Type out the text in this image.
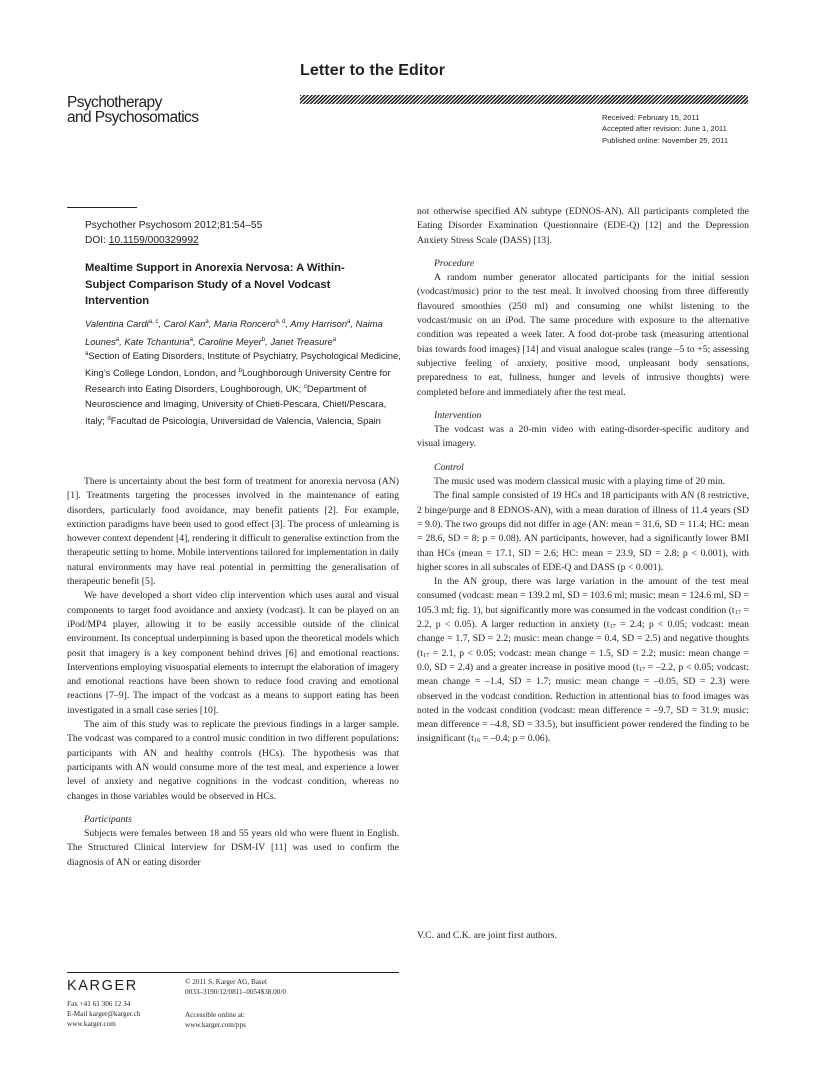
Letter to the Editor
Psychotherapy
and Psychosomatics	Received: February 15, 2011
Accepted after revision: June 1, 2011
Published online: November 25, 2011
Psychother Psychosom 2012;81:54–55
DOI: 10.1159/000329992
Mealtime Support in Anorexia Nervosa: A Within-Subject Comparison Study of a Novel Vodcast Intervention
Valentina Cardi$^{a, c}$, Carol Kan$^a$, Maria Roncero$^{a, d}$, Amy Harrison$^a$, Naima Lounes$^a$, Kate Tchanturia$^a$, Caroline Meyer$^b$, Janet Treasure$^a$
$^a$Section of Eating Disorders, Institute of Psychiatry, Psychological Medicine, King’s College London, London, and $^b$Loughborough University Centre for Research into Eating Disorders, Loughborough, UK; $^c$Department of Neuroscience and Imaging, University of Chieti-Pescara, Chieti/Pescara, Italy; $^d$Facultad de Psicología, Universidad de Valencia, Valencia, Spain

There is uncertainty about the best form of treatment for anorexia nervosa (AN) [1]. Treatments targeting the processes involved in the maintenance of eating disorders, particularly food avoidance, may benefit patients [2]. For example, extinction paradigms have been used to good effect [3]. The process of unlearning is however context dependent [4], rendering it difficult to generalise extinction from the therapeutic setting to home. Mobile interventions tailored for implementation in daily natural environments may have real potential in permitting the generalisation of therapeutic benefit [5].

We have developed a short video clip intervention which uses aural and visual components to target food avoidance and anxiety (vodcast). It can be played on an iPod/MP4 player, allowing it to be easily accessible outside of the clinical environment. Its conceptual underpinning is based upon the theoretical models which posit that imagery is a key component behind drives [6] and emotional reactions. Interventions employing visuospatial elements to interrupt the elaboration of imagery and emotional reactions have been shown to reduce food craving and emotional reactions [7–9]. The impact of the vodcast as a means to support eating has been investigated in a small case series [10].

The aim of this study was to replicate the previous findings in a larger sample. The vodcast was compared to a control music condition in two different populations: participants with AN and healthy controls (HCs). The hypothesis was that participants with AN would consume more of the test meal, and experience a lower level of anxiety and negative cognitions in the vodcast condition, whereas no changes in those variables would be observed in HCs.

Participants

Subjects were females between 18 and 55 years old who were fluent in English. The Structured Clinical Interview for DSM-IV [11] was used to confirm the diagnosis of AN or eating disorder

not otherwise specified AN subtype (EDNOS-AN). All participants completed the Eating Disorder Examination Questionnaire (EDE-Q) [12] and the Depression Anxiety Stress Scale (DASS) [13].

Procedure

A random number generator allocated participants for the initial session (vodcast/music) prior to the test meal. It involved choosing from three differently flavoured smoothies (250 ml) and consuming one whilst listening to the vodcast/music on an iPod. The same procedure with exposure to the alternative condition was repeated a week later. A food dot-probe task (measuring attentional bias towards food images) [14] and visual analogue scales (range –5 to +5; assessing subjective feeling of anxiety, positive mood, unpleasant body sensations, preparedness to eat, fullness, hunger and levels of intrusive thoughts) were completed before and immediately after the test meal.

Intervention

The vodcast was a 20-min video with eating-disorder-specific auditory and visual imagery.

Control

The music used was modern classical music with a playing time of 20 min.

The final sample consisted of 19 HCs and 18 participants with AN (8 restrictive, 2 binge/purge and 8 EDNOS-AN), with a mean duration of illness of 11.4 years (SD = 9.0). The two groups did not differ in age (AN: mean = 31.6, SD = 11.4; HC: mean = 28.6, SD = 8; p = 0.08). AN participants, however, had a significantly lower BMI than HCs (mean = 17.1, SD = 2.6; HC: mean = 23.9, SD = 2.8; p < 0.001), with higher scores in all subscales of EDE-Q and DASS (p < 0.001).

In the AN group, there was large variation in the amount of the test meal consumed (vodcast: mean = 139.2 ml, SD = 103.6 ml; music: mean = 124.6 ml, SD = 105.3 ml; fig. 1), but significantly more was consumed in the vodcast condition ($t_{17} = 2.2$, p < 0.05). A larger reduction in anxiety ($t_{17} = 2.4$; p < 0.05; vodcast: mean change = 1.7, SD = 2.2; music: mean change = 0.4, SD = 2.5) and negative thoughts ($t_{17} = 2.1$, p < 0.05; vodcast: mean change = 1.5, SD = 2.2; music: mean change = 0.0, SD = 2.4) and a greater increase in positive mood ($t_{17} = -2.2$, p < 0.05; vodcast: mean change = –1.4, SD = 1.7; music: mean change = –0.05, SD = 2.3) were observed in the vodcast condition. Reduction in attentional bias to food images was noted in the vodcast condition (vodcast: mean difference = –9.7, SD = 31.9; music: mean difference = –4.8, SD = 33.5), but insufficient power rendered the finding to be insignificant ($t_{16} = -0.4$; p = 0.06).

V.C. and C.K. are joint first authors.
KARGER
Fax +41 61 306 12 34
E-Mail karger@karger.ch
www.karger.com
© 2011 S. Karger AG, Basel
0033–3190/12/0811–0054$38.00/0
Accessible online at:
www.karger.com/pps
